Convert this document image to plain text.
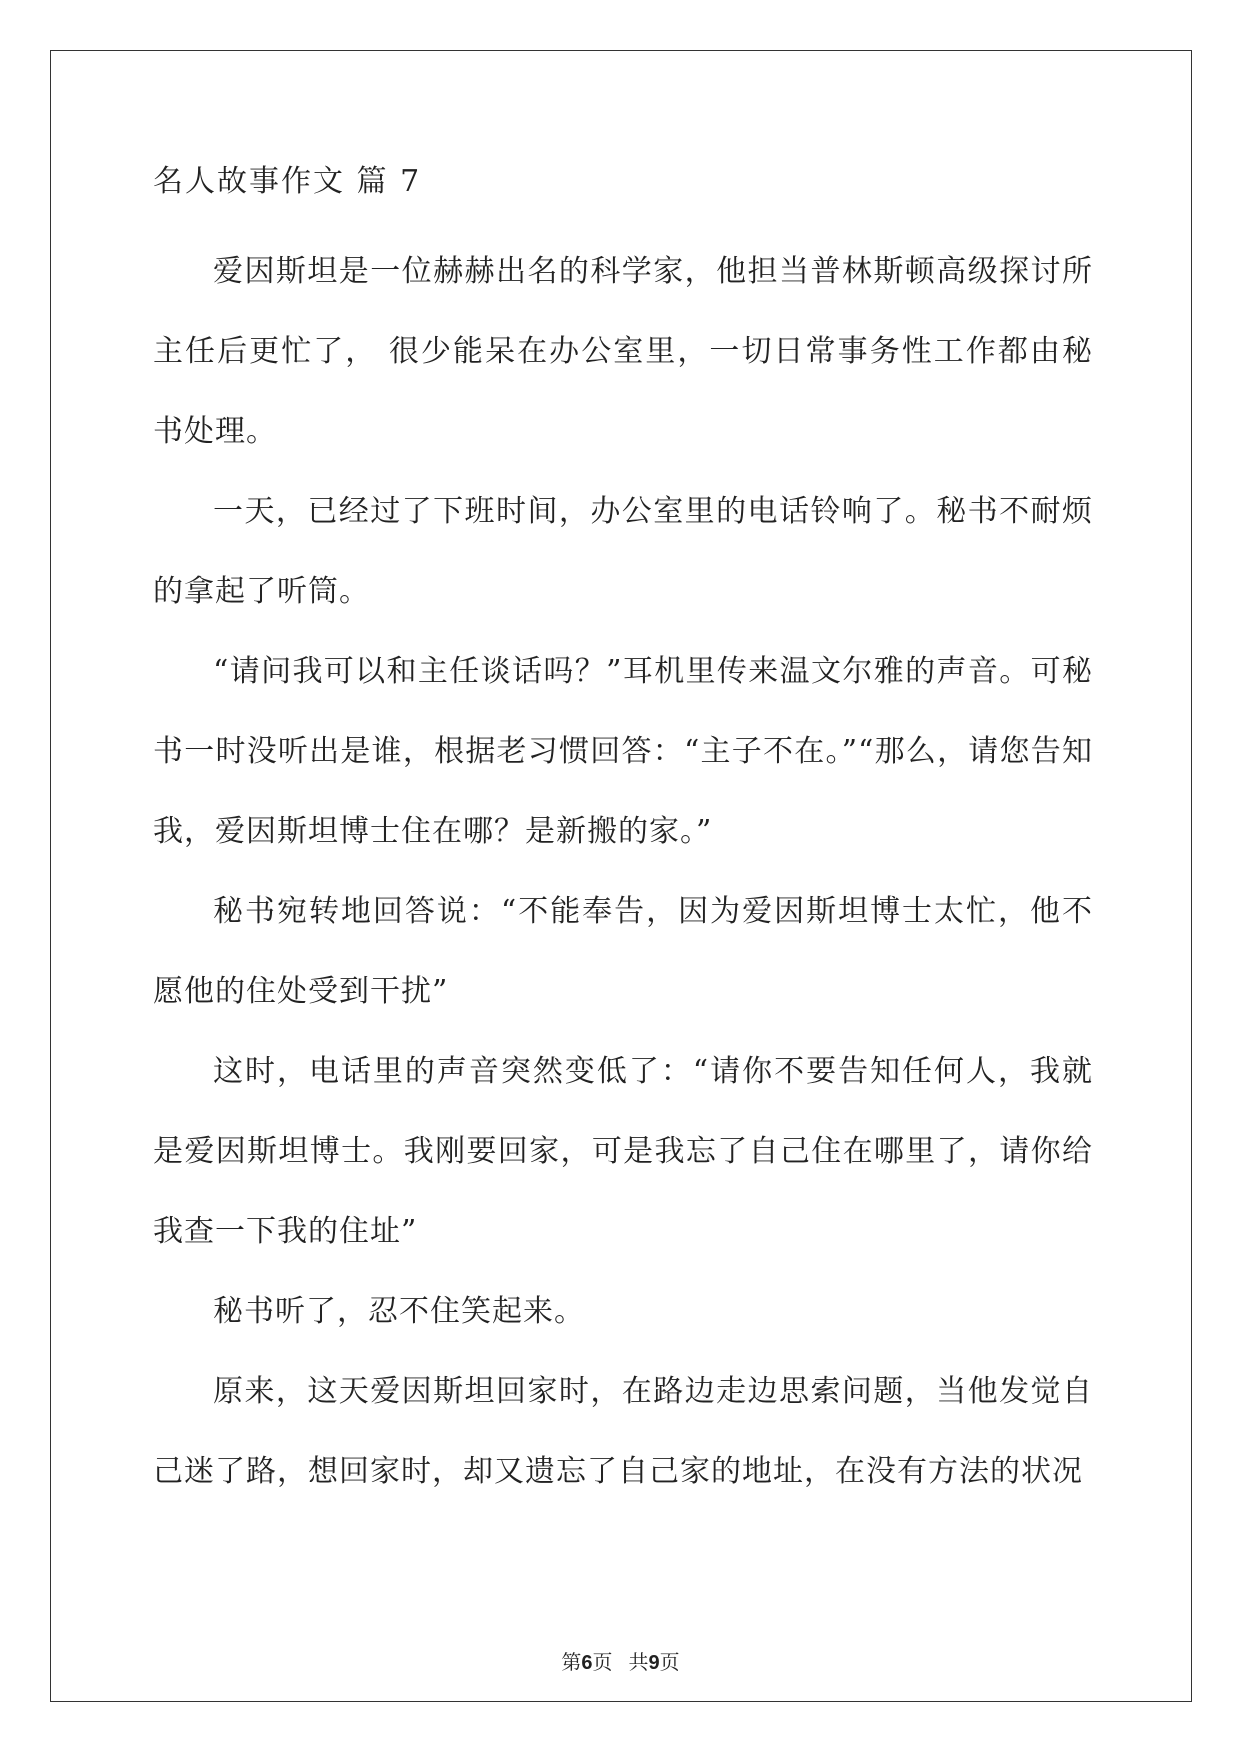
名人故事作文 篇 7

爱因斯坦是一位赫赫出名的科学家，他担当普林斯顿高级探讨所主任后更忙了， 很少能呆在办公室里，一切日常事务性工作都由秘书处理。

一天，已经过了下班时间，办公室里的电话铃响了。秘书不耐烦的拿起了听筒。

“请问我可以和主任谈话吗？”耳机里传来温文尔雅的声音。可秘书一时没听出是谁，根据老习惯回答：“主子不在。”“那么，请您告知我，爱因斯坦博士住在哪？是新搬的家。”

秘书宛转地回答说：“不能奉告，因为爱因斯坦博士太忙，他不愿他的住处受到干扰”

这时，电话里的声音突然变低了：“请你不要告知任何人，我就是爱因斯坦博士。我刚要回家，可是我忘了自己住在哪里了，请你给我查一下我的住址”

秘书听了，忍不住笑起来。

原来，这天爱因斯坦回家时，在路边走边思索问题，当他发觉自己迷了路，想回家时，却又遗忘了自己家的地址，在没有方法的状况

第6页 共9页
